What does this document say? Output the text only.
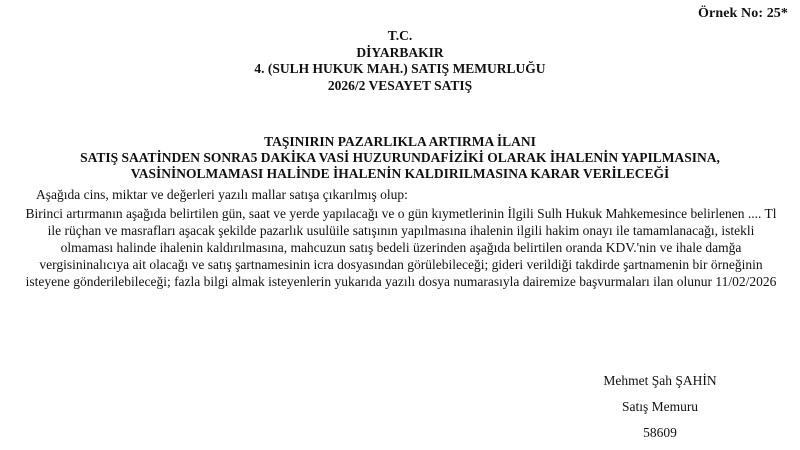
Örnek No: 25*
T.C.
DİYARBAKIR
4. (SULH HUKUK MAH.) SATIŞ MEMURLUĞU
2026/2 VESAYET SATIŞ
TAŞINIRIN PAZARLIKLA ARTIRMA İLANI
SATIŞ SAATİNDEN SONRA5 DAKİKA VASİ HUZURUNDAFİZİKİ OLARAK İHALENİN YAPILMASINA,
VASİNİNOLMAMASI HALİNDE İHALENİN KALDIRILMASINA KARAR VERİLECEĞİ
Aşağıda cins, miktar ve değerleri yazılı mallar satışa çıkarılmış olup:
Birinci artırmanın aşağıda belirtilen gün, saat ve yerde yapılacağı ve o gün kıymetlerinin İlgili Sulh Hukuk Mahkemesince belirlenen .... Tl
ile rüçhan ve masrafları aşacak şekilde pazarlık usulüile satışının yapılmasına ihalenin ilgili hakim onayı ile tamamlanacağı, istekli
olmaması halinde ihalenin kaldırılmasına, mahcuzun satış bedeli üzerinden aşağıda belirtilen oranda KDV.'nin ve ihale damğa
vergisininalıcıya ait olacağı ve satış şartnamesinin icra dosyasından görülebileceği; gideri verildiği takdirde şartnamenin bir örneğinin
isteyene gönderilebileceği; fazla bilgi almak isteyenlerin yukarıda yazılı dosya numarasıyla dairemize başvurmaları ilan olunur 11/02/2026
Mehmet Şah ŞAHİN
Satış Memuru
58609
